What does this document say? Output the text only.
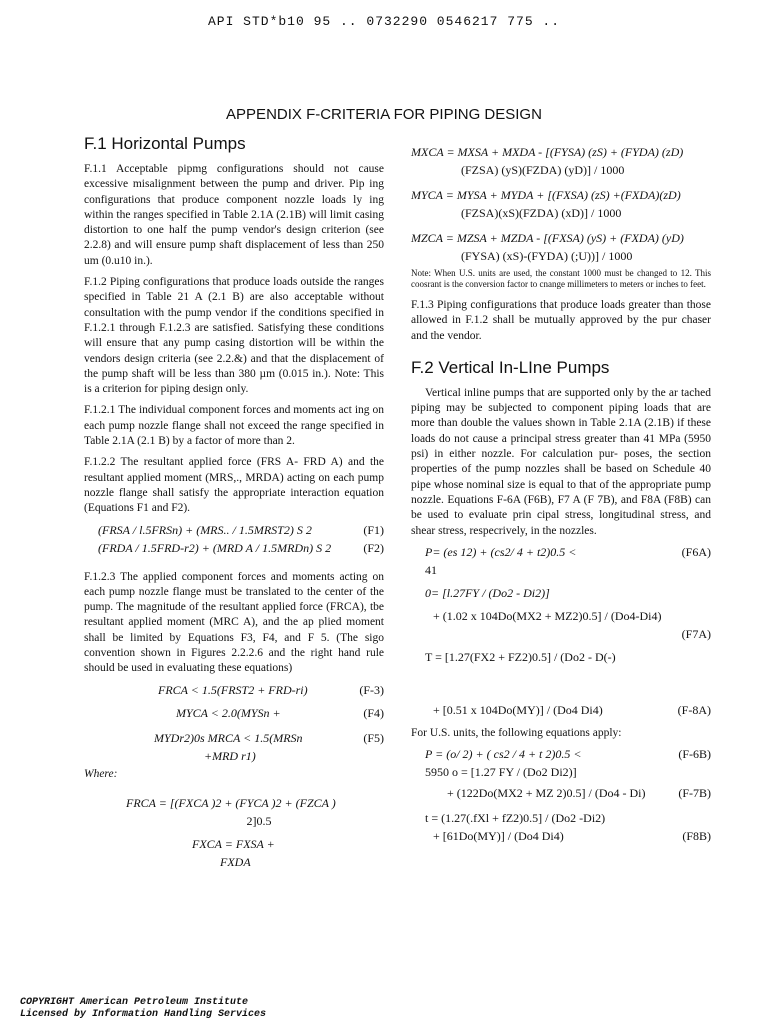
API STD*b10 95 .. 0732290 0546217 775 ..
APPENDIX F-CRITERIA FOR PIPING DESIGN
F.1 Horizontal Pumps

F.1.1 Acceptable pipmg configurations should not cause excessive misalignment between the pump and driver. Pip ing configurations that produce component nozzle loads ly ing within the ranges specified in Table 2.1A (2.1B) will limit casing distortion to one half the pump vendor's design criterion (see 2.2.8) and will ensure pump shaft displacement of less than 250 um (0.u10 in.).

F.1.2 Piping configurations that produce loads outside the ranges specified in Table 21 A (2.1 B) are also acceptable without consultation with the pump vendor if the conditions specified in F.1.2.1 through F.1.2.3 are satisfied. Satisfying these conditions will ensure that any pump casing distortion will be within the vendors design criteria (see 2.2.&) and that the displacement of the pump shaft will be less than 380 µm (0.015 in.). Note: This is a criterion for piping design only.

F.1.2.1 The individual component forces and moments act ing on each pump nozzle flange shall not exceed the range specified in Table 2.1A (2.1 B) by a factor of more than 2.

F.1.2.2 The resultant applied force (FRS A- FRD A) and the resultant applied moment (MRS,., MRDA) acting on each pump nozzle flange shall satisfy the appropriate interaction equation (Equations F1 and F2).

(FRSA / l.5FRSn) + (MRS.. / 1.5MRST2) S 2	(F1)
(FRDA / 1.5FRD-r2) + (MRD A / 1.5MRDn) S 2	(F2)

F.1.2.3 The applied component forces and moments acting on each pump nozzle flange must be translated to the center of the pump. The magnitude of the resultant applied force (FRCA), tbe resultant applied moment (MRC A), and the ap plied moment shall be limited by Equations F3, F4, and F 5. (The sigo convention shown in Figures 2.2.2.6 and the right hand rule should be used in evaluating these equations)

FRCA < 1.5(FRST2 + FRD-ri)	(F-3)
MYCA < 2.0(MYSn +	(F4)
MYDr2)0s MRCA < 1.5(MRSn	(F5)
+MRD r1)

Where:

FRCA = [(FXCA )2 + (FYCA )2 + (FZCA )
2]0.5
FXCA = FXSA +
FXDA
MXCA = MXSA + MXDA - [(FYSA) (zS) + (FYDA) (zD)
(FZSA) (yS)(FZDA) (yD)] / 1000
MYCA = MYSA + MYDA + [(FXSA) (zS) +(FXDA)(zD)
(FZSA)(xS)(FZDA) (xD)] / 1000
MZCA = MZSA + MZDA - [(FXSA) (yS) + (FXDA) (yD)
(FYSA) (xS)-(FYDA) (;U))] / 1000

Note: When U.S. units are used, the constant 1000 must be changed to 12. This coosrant is the conversion factor to cnange millimeters to meters or inches to feet.

F.1.3 Piping configurations that produce loads greater than those allowed in F.1.2 shall be mutually approved by the pur chaser and the vendor.

F.2 Vertical In-LIne Pumps

Vertical inline pumps that are supported only by the ar tached piping may be subjected to component piping loads that are more than double the values shown in Table 2.1A (2.1B) if these loads do not cause a principal stress greater than 41 MPa (5950 psi) in either nozzle. For calculation pur- poses, the section properties of the pump nozzles shall be based on Schedule 40 pipe whose nominal size is equal to that of the appropriate pump nozzle. Equations F-6A (F6B), F7 A (F 7B), and F8A (F8B) can be used to evaluate prin cipal stress, longitudinal stress, and shear stress, respecrively, in the nozzles.

P= (es 12) + (cs2/ 4 + t2)0.5 <	(F6A)
41
0= [l.27FY / (Do2 - Di2)]
+ (1.02 x 104Do(MX2 + MZ2)0.5] / (Do4-Di4)
(F7A)
T = [1.27(FX2 + FZ2)0.5] / (Do2 - D(-)
+ [0.51 x 104Do(MY)] / (Do4 Di4)	(F-8A)

For U.S. units, the following equations apply:

P = (o/ 2) + ( cs2 / 4 + t 2)0.5 <	(F-6B)
5950 o = [1.27 FY / (Do2 Di2)]
+ (122Do(MX2 + MZ 2)0.5] / (Do4 - Di)	(F-7B)
t = (1.27(.fXl + fZ2)0.5] / (Do2 -Di2)
+ [61Do(MY)] / (Do4 Di4)	(F8B)
COPYRIGHT American Petroleum Institute
Licensed by Information Handling Services
